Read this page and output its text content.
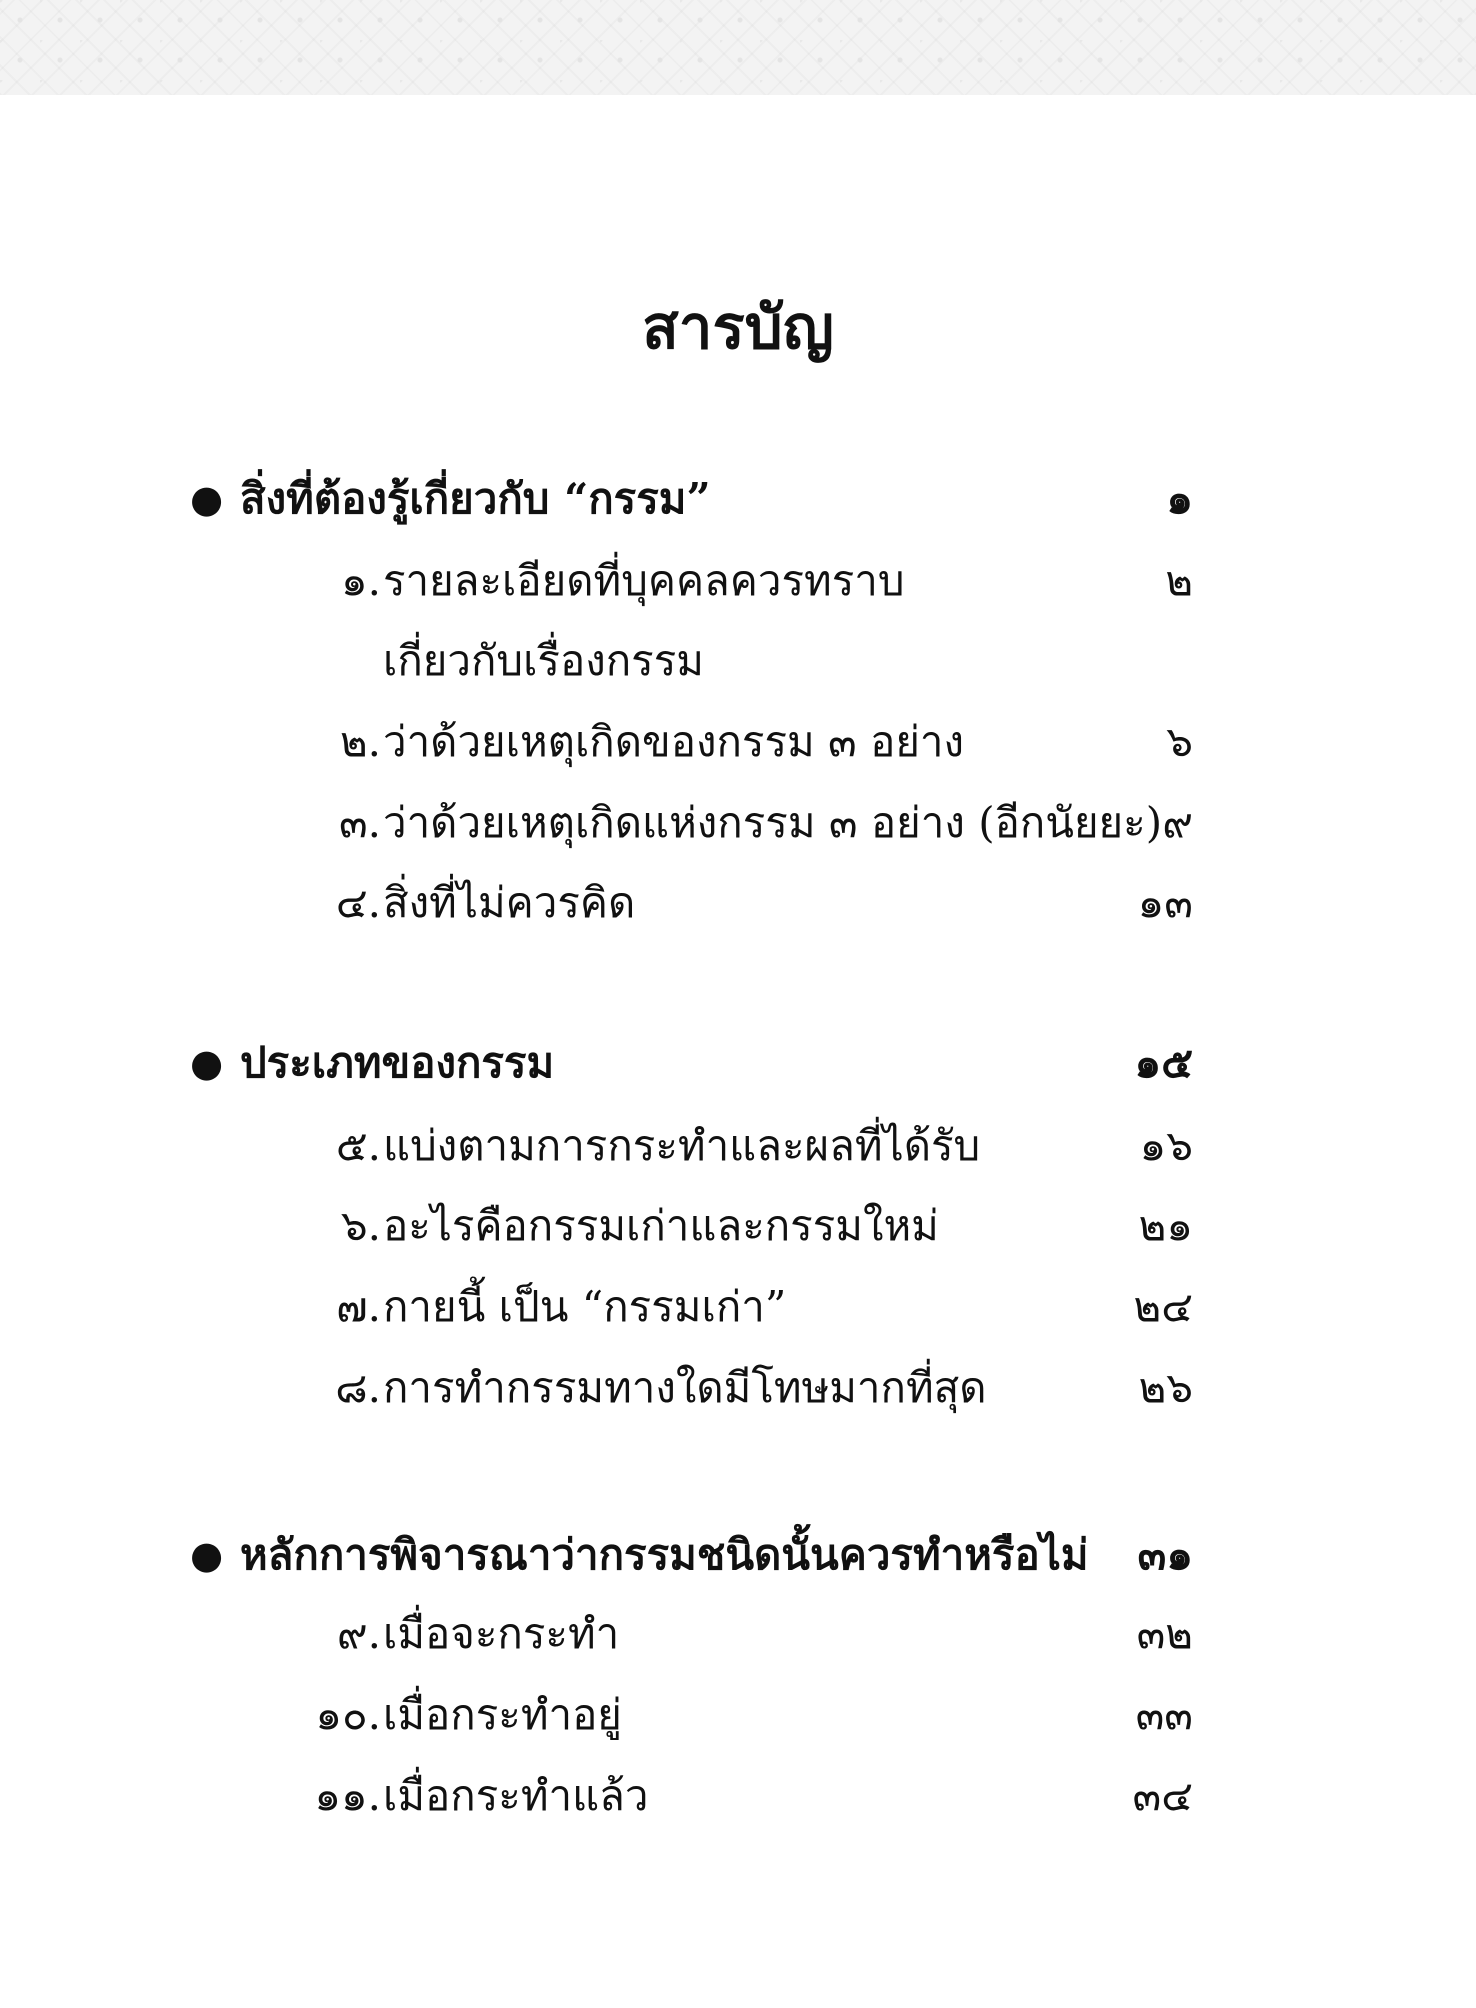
สารบัญ
● สิ่งที่ต้องรู้เกี่ยวกับ “กรรม”	๑
๑. รายละเอียดที่บุคคลควรทราบ	๒
เกี่ยวกับเรื่องกรรม
๒. ว่าด้วยเหตุเกิดของกรรม ๓ อย่าง	๖
๓. ว่าด้วยเหตุเกิดแห่งกรรม ๓ อย่าง (อีกนัยยะ) ๙
๔. สิ่งที่ไม่ควรคิด	๑๓
● ประเภทของกรรม	๑๕
๕. แบ่งตามการกระทำและผลที่ได้รับ	๑๖
๖. อะไรคือกรรมเก่าและกรรมใหม่	๒๑
๗. กายนี้ เป็น “กรรมเก่า”	๒๔
๘. การทำกรรมทางใดมีโทษมากที่สุด	๒๖
● หลักการพิจารณาว่ากรรมชนิดนั้นควรทำหรือไม่ ๓๑
๙. เมื่อจะกระทำ	๓๒
๑๐. เมื่อกระทำอยู่	๓๓
๑๑. เมื่อกระทำแล้ว	๓๔
